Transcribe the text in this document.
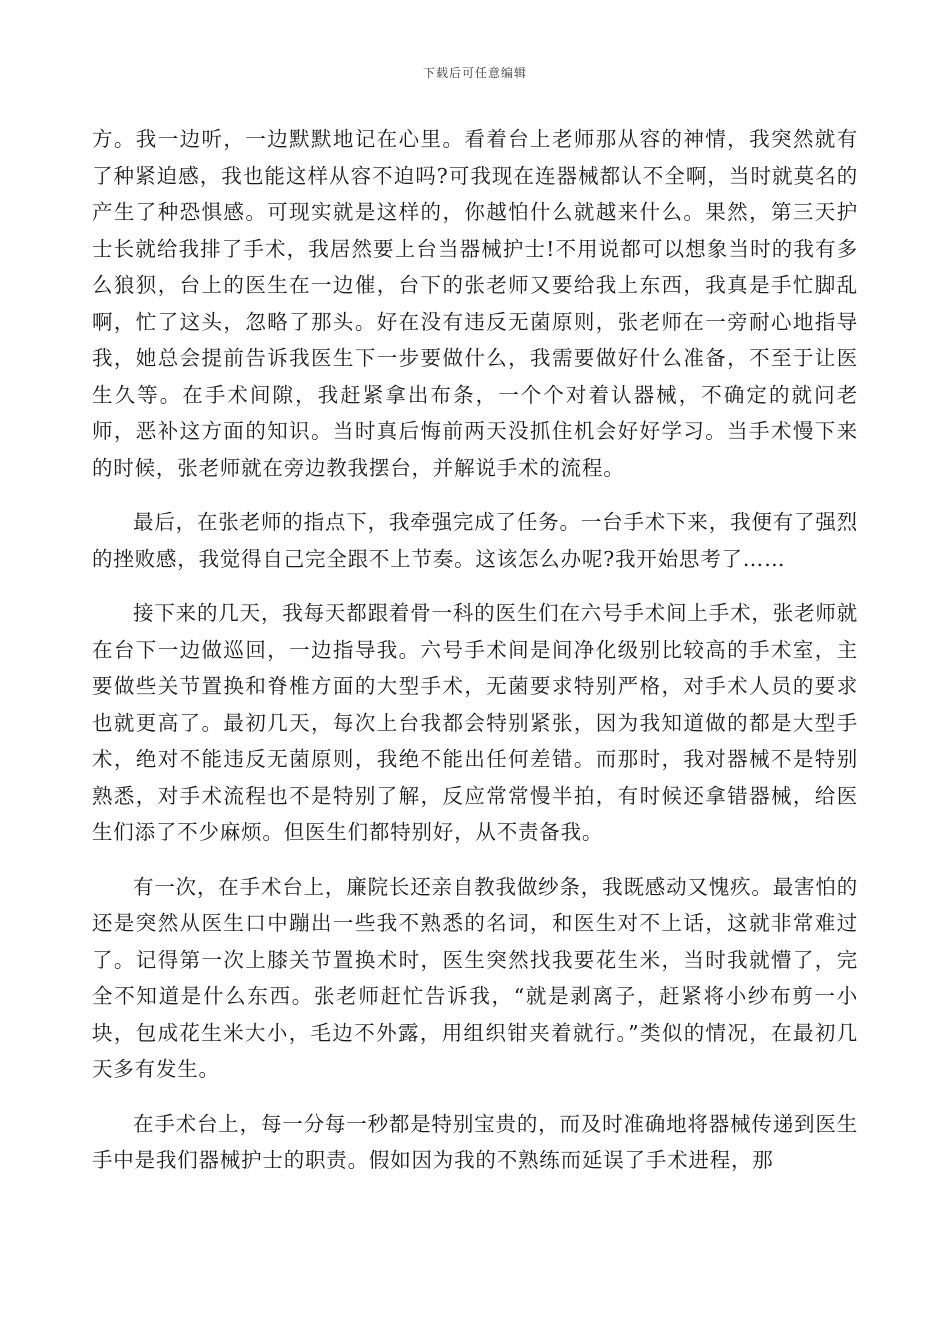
下载后可任意编辑

方。我一边听，一边默默地记在心里。看着台上老师那从容的神情，我突然就有了种紧迫感，我也能这样从容不迫吗?可我现在连器械都认不全啊，当时就莫名的产生了种恐惧感。可现实就是这样的，你越怕什么就越来什么。果然，第三天护士长就给我排了手术，我居然要上台当器械护士!不用说都可以想象当时的我有多么狼狈，台上的医生在一边催，台下的张老师又要给我上东西，我真是手忙脚乱啊，忙了这头，忽略了那头。好在没有违反无菌原则，张老师在一旁耐心地指导我，她总会提前告诉我医生下一步要做什么，我需要做好什么准备，不至于让医生久等。在手术间隙，我赶紧拿出布条，一个个对着认器械，不确定的就问老师，恶补这方面的知识。当时真后悔前两天没抓住机会好好学习。当手术慢下来的时候，张老师就在旁边教我摆台，并解说手术的流程。

最后，在张老师的指点下，我牵强完成了任务。一台手术下来，我便有了强烈的挫败感，我觉得自己完全跟不上节奏。这该怎么办呢?我开始思考了……

接下来的几天，我每天都跟着骨一科的医生们在六号手术间上手术，张老师就在台下一边做巡回，一边指导我。六号手术间是间净化级别比较高的手术室，主要做些关节置换和脊椎方面的大型手术，无菌要求特别严格，对手术人员的要求也就更高了。最初几天，每次上台我都会特别紧张，因为我知道做的都是大型手术，绝对不能违反无菌原则，我绝不能出任何差错。而那时，我对器械不是特别熟悉，对手术流程也不是特别了解，反应常常慢半拍，有时候还拿错器械，给医生们添了不少麻烦。但医生们都特别好，从不责备我。

有一次，在手术台上，廉院长还亲自教我做纱条，我既感动又愧疚。最害怕的还是突然从医生口中蹦出一些我不熟悉的名词，和医生对不上话，这就非常难过了。记得第一次上膝关节置换术时，医生突然找我要花生米，当时我就懵了，完全不知道是什么东西。张老师赶忙告诉我，“就是剥离子，赶紧将小纱布剪一小块，包成花生米大小，毛边不外露，用组织钳夹着就行。”类似的情况，在最初几天多有发生。

在手术台上，每一分每一秒都是特别宝贵的，而及时准确地将器械传递到医生手中是我们器械护士的职责。假如因为我的不熟练而延误了手术进程，那
